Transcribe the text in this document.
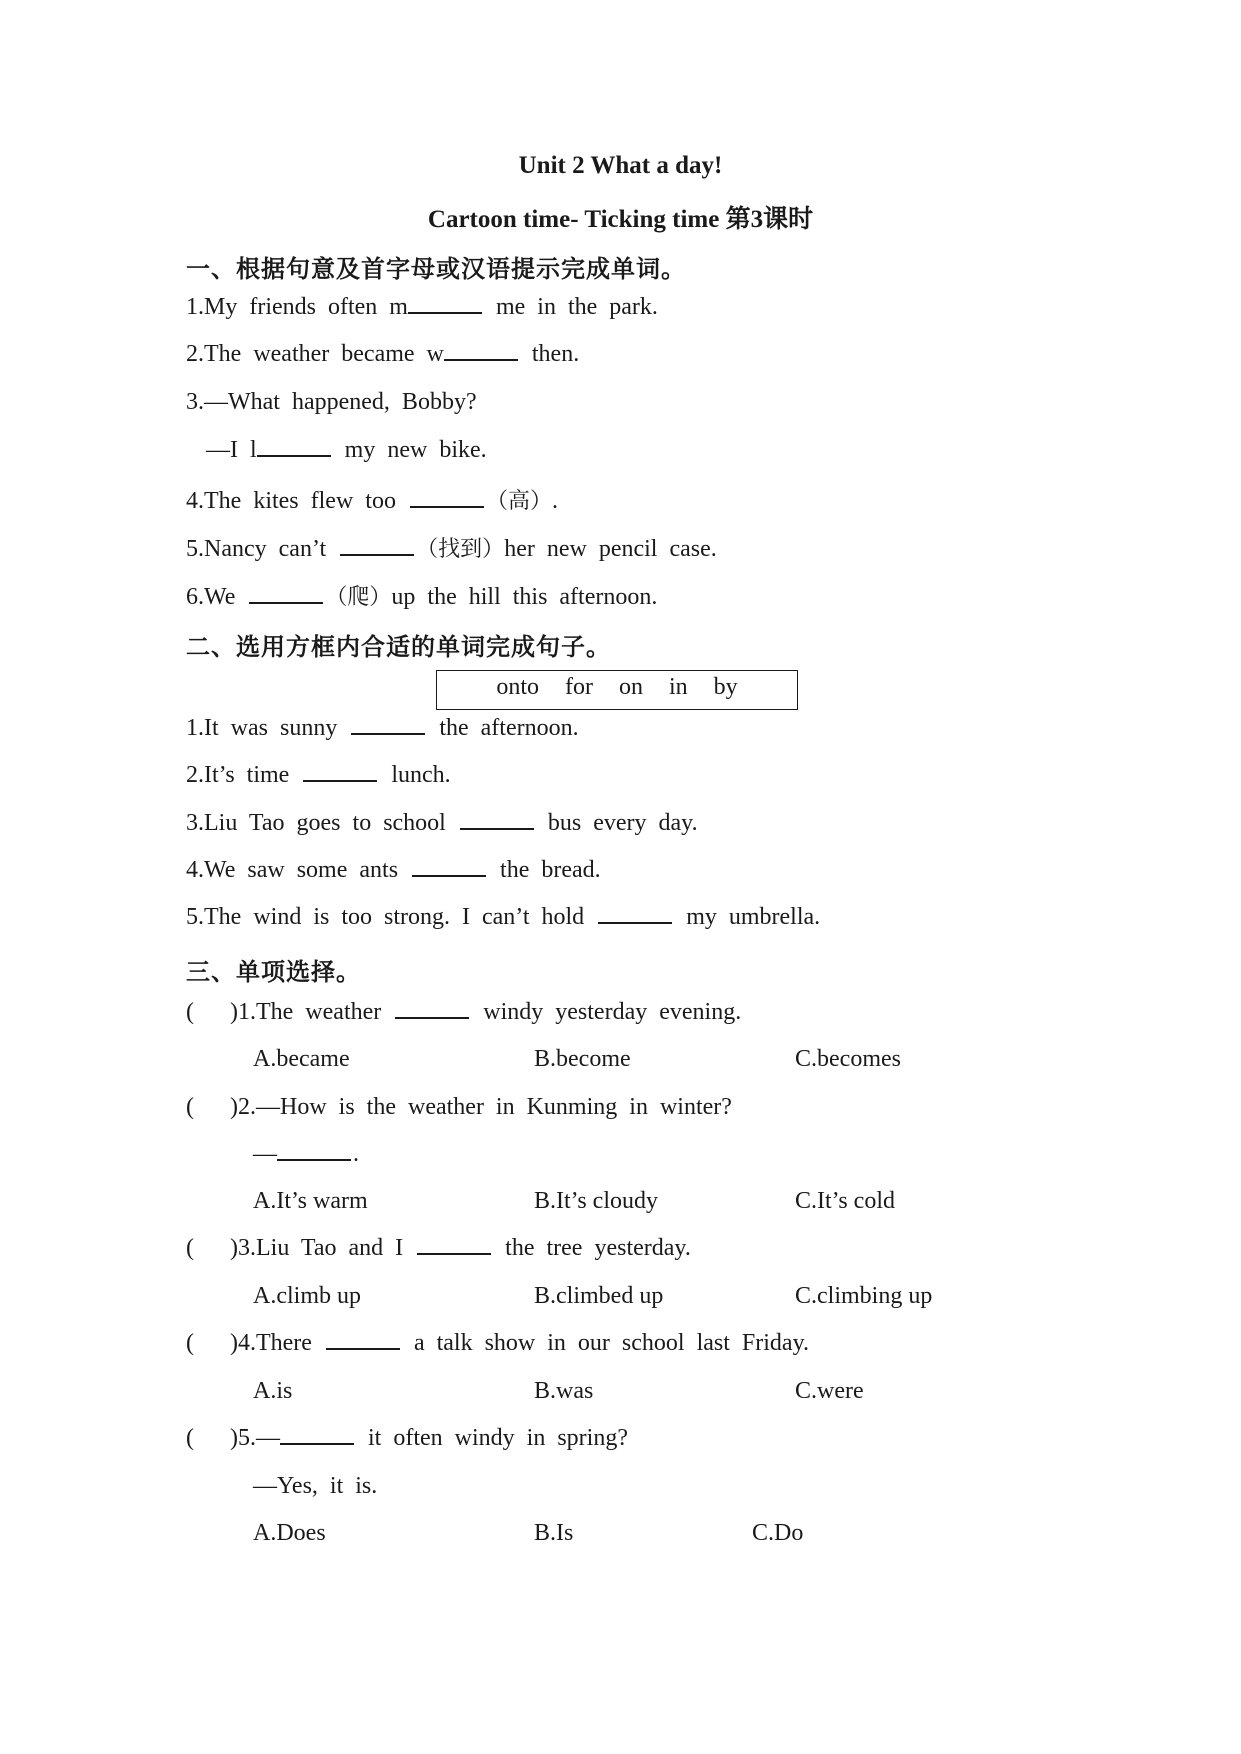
Unit 2 What a day!
Cartoon time- Ticking time 第3课时
一、根据句意及首字母或汉语提示完成单词。
1.My friends often m	me in the park.
2.The weather became w	then.
3.—What happened, Bobby?
—I l	my new bike.
4.The kites flew too	（高）.
5.Nancy can’t	（找到）her new pencil case.
6.We	（爬）up the hill this afternoon.
二、选用方框内合适的单词完成句子。
onto for on in by
1.It was sunny	the afternoon.
2.It’s time	lunch.
3.Liu Tao goes to school	bus every day.
4.We saw some ants	the bread.
5.The wind is too strong. I can’t hold	my umbrella.
三、单项选择。
( )1.The weather	windy yesterday evening.
A.became	B.become	C.becomes
( )2.—How is the weather in Kunming in winter?
—	.
A.It’s warm	B.It’s cloudy	C.It’s cold
( )3.Liu Tao and I	the tree yesterday.
A.climb up	B.climbed up	C.climbing up
( )4.There	a talk show in our school last Friday.
A.is	B.was	C.were
( )5.—	it often windy in spring?
—Yes, it is.
A.Does	B.Is	C.Do
